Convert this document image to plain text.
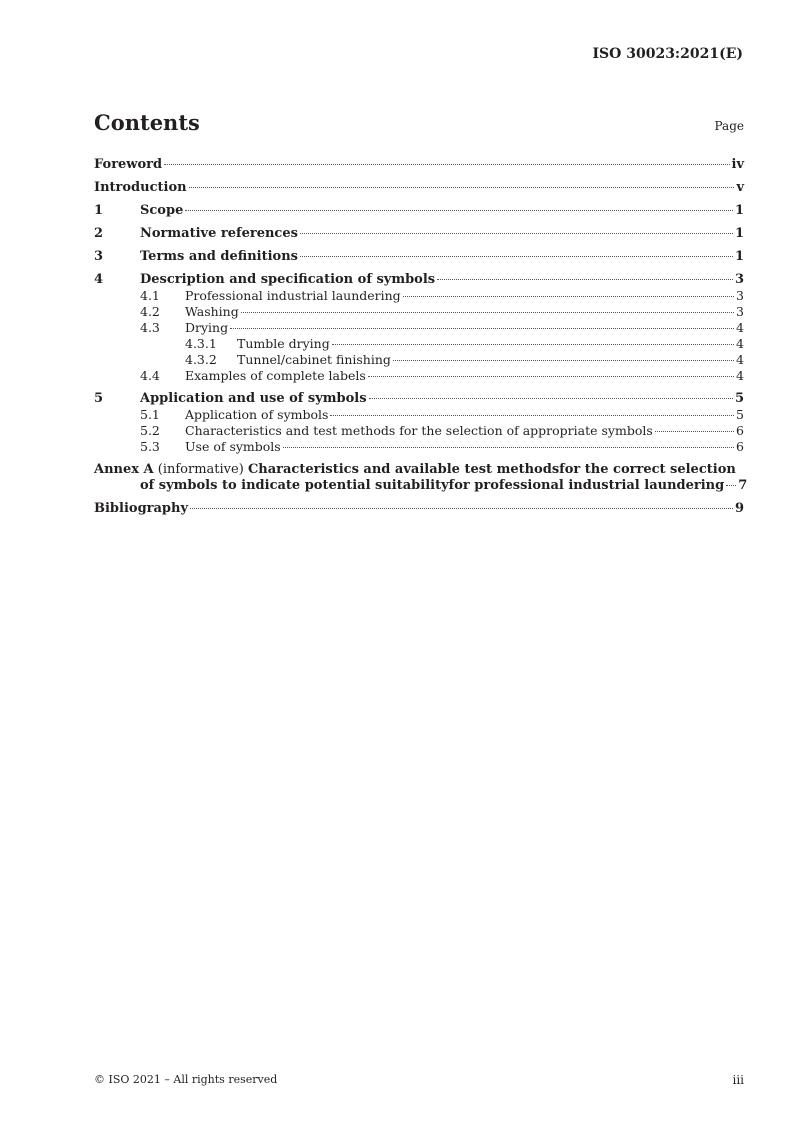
ISO 30023:2021(E)
Contents	Page
Foreword	iv
Introduction	v
1	Scope	1
2	Normative references	1
3	Terms and definitions	1
4	Description and specification of symbols	3
4.1	Professional industrial laundering	3
4.2	Washing	3
4.3	Drying	4
4.3.1	Tumble drying	4
4.3.2	Tunnel/cabinet finishing	4
4.4	Examples of complete labels	4
5	Application and use of symbols	5
5.1	Application of symbols	5
5.2	Characteristics and test methods for the selection of appropriate symbols	6
5.3	Use of symbols	6
Annex A (informative) Characteristics and available test methodsfor the correct selection
of symbols to indicate potential suitabilityfor professional industrial laundering 7
Bibliography	9
© ISO 2021 – All rights reserved	iii
